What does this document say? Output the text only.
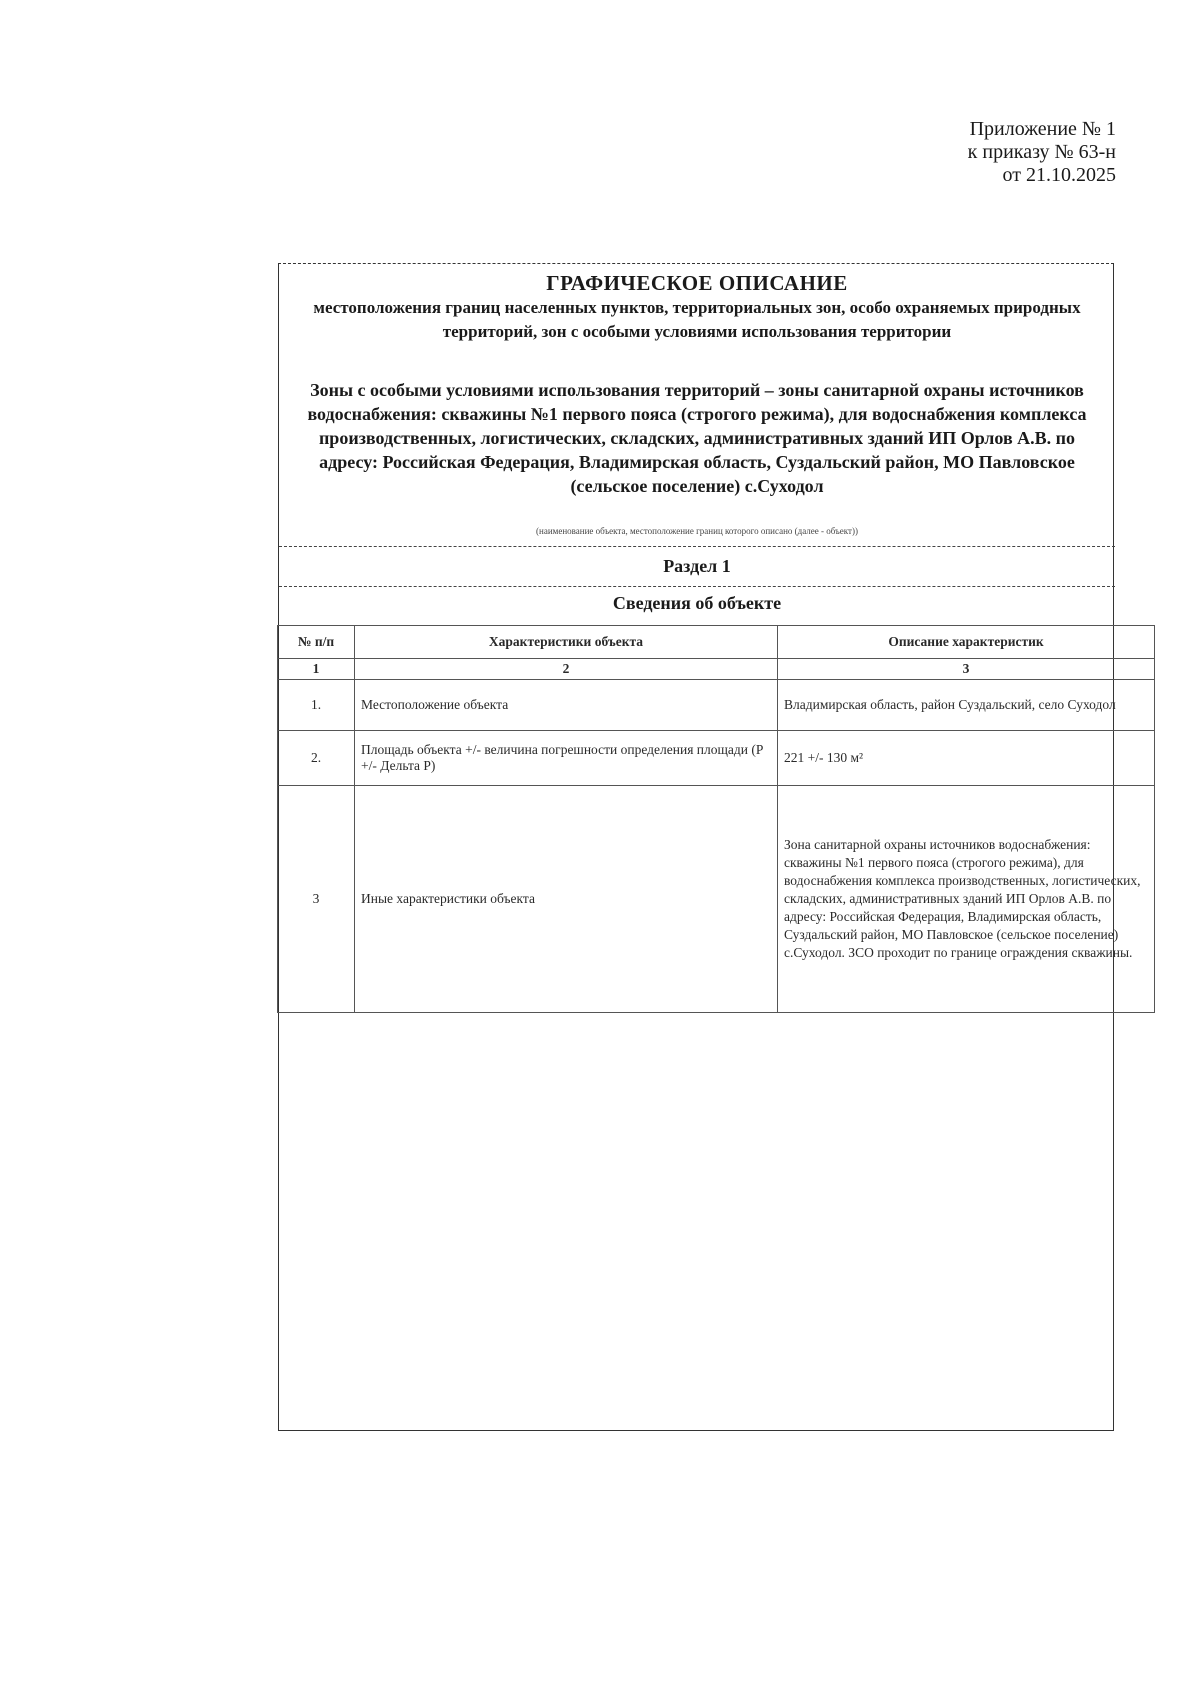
Приложение № 1
к приказу № 63-н
от 21.10.2025
ГРАФИЧЕСКОЕ ОПИСАНИЕ
местоположения границ населенных пунктов, территориальных зон, особо охраняемых природных территорий, зон с особыми условиями использования территории
Зоны с особыми условиями использования территорий – зоны санитарной охраны источников водоснабжения: скважины №1 первого пояса (строгого режима), для водоснабжения комплекса производственных, логистических, складских, административных зданий ИП Орлов А.В. по адресу: Российская Федерация, Владимирская область, Суздальский район, МО Павловское (сельское поселение) с.Суходол
(наименование объекта, местоположение границ которого описано (далее - объект))
Раздел 1
Сведения об объекте
№ п/п	Характеристики объекта	Описание характеристик
1	2	3
1.	Местоположение объекта	Владимирская область, район Суздальский, село Суходол
2.	Площадь объекта +/- величина погрешности определения площади (Р +/- Дельта Р)	221 +/- 130 м²
3	Иные характеристики объекта	Зона санитарной охраны источников водоснабжения: скважины №1 первого пояса (строгого режима), для водоснабжения комплекса производственных, логистических, складских, административных зданий ИП Орлов А.В. по адресу: Российская Федерация, Владимирская область, Суздальский район, МО Павловское (сельское поселение) с.Суходол. ЗСО проходит по границе ограждения скважины.
